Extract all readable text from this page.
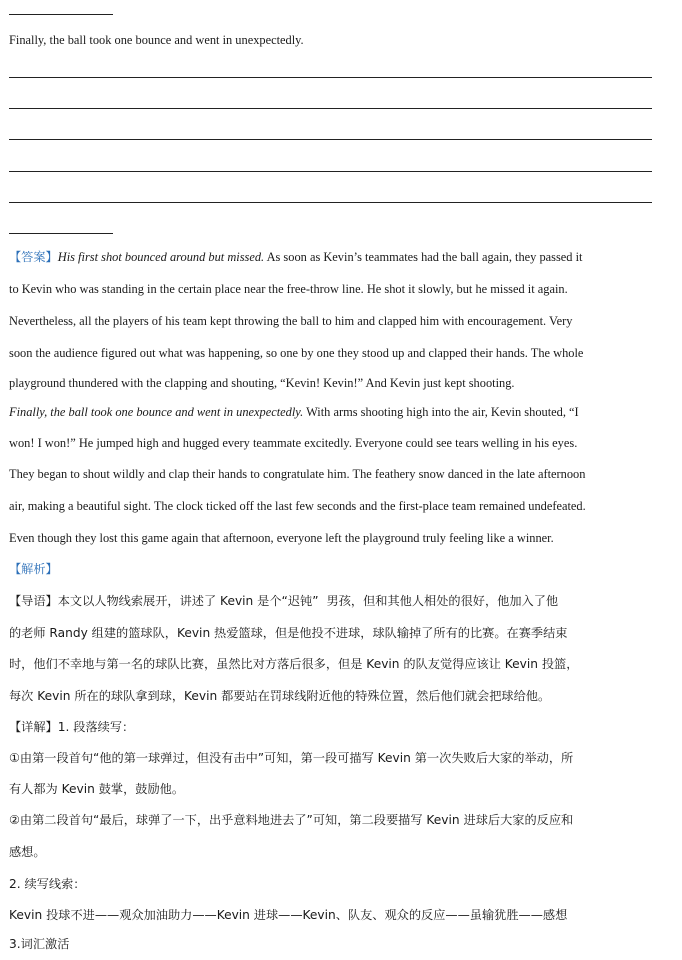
Finally, the ball took one bounce and went in unexpectedly.
【答案】His first shot bounced around but missed. As soon as Kevin’s teammates had the ball again, they passed it
to Kevin who was standing in the certain place near the free-throw line. He shot it slowly, but he missed it again.
Nevertheless, all the players of his team kept throwing the ball to him and clapped him with encouragement. Very
soon the audience figured out what was happening, so one by one they stood up and clapped their hands. The whole
playground thundered with the clapping and shouting, “Kevin! Kevin!” And Kevin just kept shooting.
Finally, the ball took one bounce and went in unexpectedly. With arms shooting high into the air, Kevin shouted, “I
won! I won!” He jumped high and hugged every teammate excitedly. Everyone could see tears welling in his eyes.
They began to shout wildly and clap their hands to congratulate him. The feathery snow danced in the late afternoon
air, making a beautiful sight. The clock ticked off the last few seconds and the first-place team remained undefeated.
Even though they lost this game again that afternoon, everyone left the playground truly feeling like a winner.
【解析】
【导语】本文以人物线索展开，讲述了 Kevin 是个“迟钝” 男孩，但和其他人相处的很好，他加入了他
的老师 Randy 组建的篮球队，Kevin 热爱篮球，但是他投不进球，球队输掉了所有的比赛。在赛季结束
时，他们不幸地与第一名的球队比赛，虽然比对方落后很多，但是 Kevin 的队友觉得应该让 Kevin 投篮，
每次 Kevin 所在的球队拿到球，Kevin 都要站在罚球线附近他的特殊位置，然后他们就会把球给他。
【详解】1. 段落续写：
①由第一段首句“他的第一球弹过，但没有击中”可知，第一段可描写 Kevin 第一次失败后大家的举动，所
有人都为 Kevin 鼓掌，鼓励他。
②由第二段首句“最后，球弹了一下，出乎意料地进去了”可知，第二段要描写 Kevin 进球后大家的反应和
感想。
2. 续写线索：
Kevin 投球不进——观众加油助力——Kevin 进球——Kevin、队友、观众的反应——虽输犹胜——感想
3.词汇激活
